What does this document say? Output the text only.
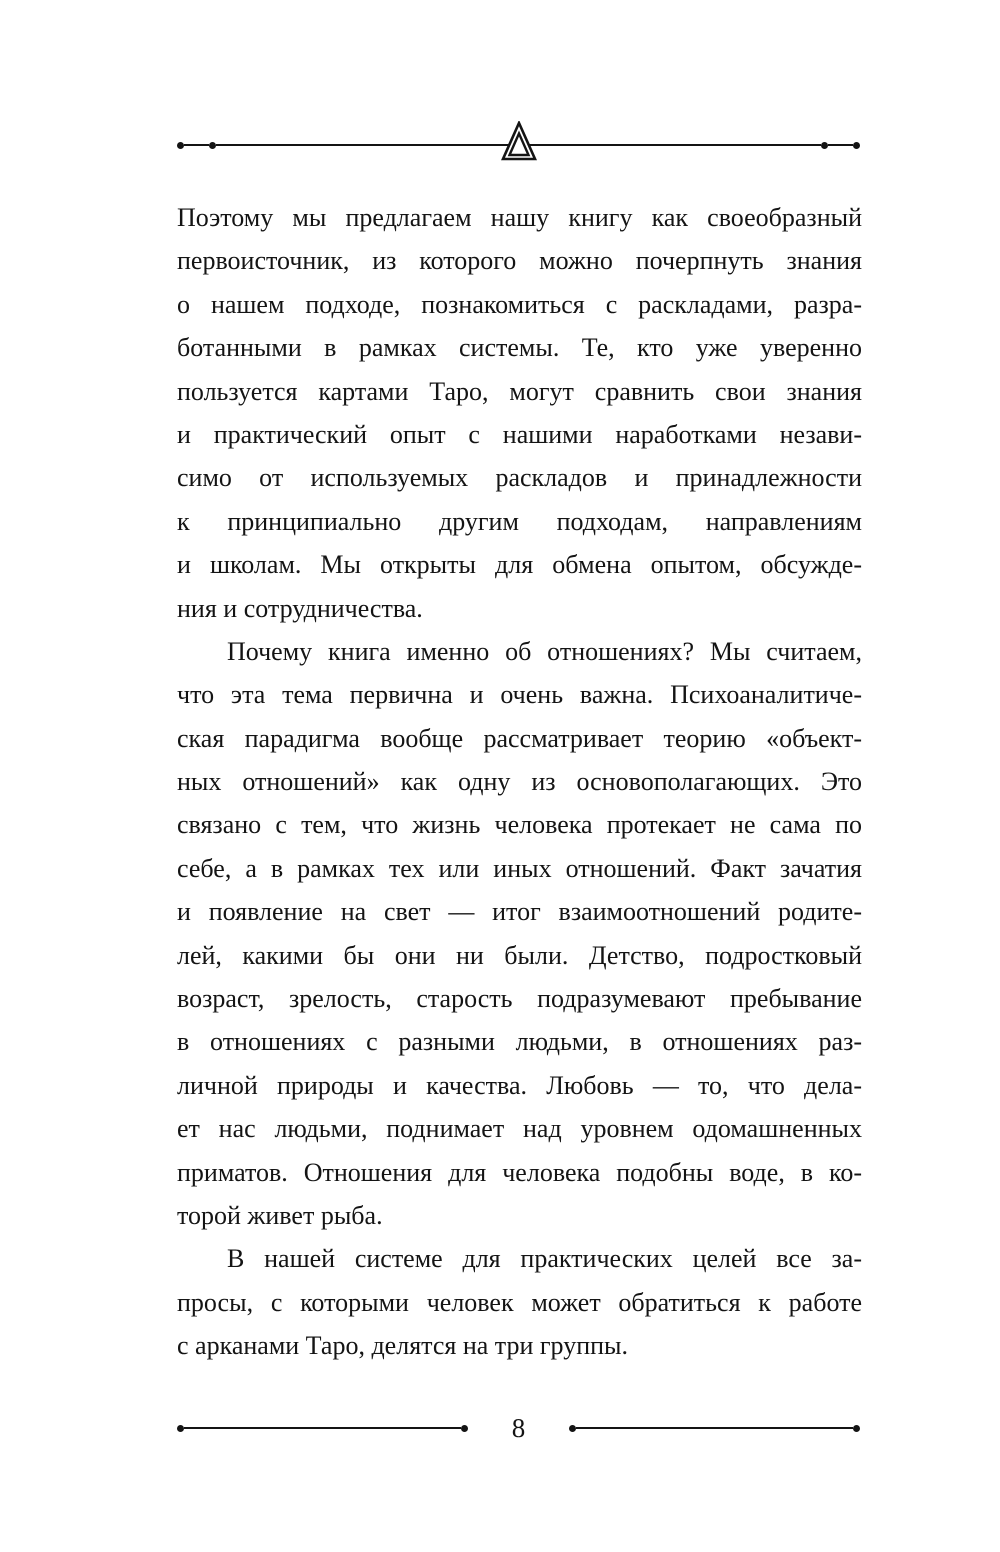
Поэтому мы предлагаем нашу книгу как своеобразный
первоисточник, из которого можно почерпнуть знания
о нашем подходе, познакомиться с раскладами, разра-
ботанными в рамках системы. Те, кто уже уверенно
пользуется картами Таро, могут сравнить свои знания
и практический опыт с нашими наработками незави-
симо от используемых раскладов и принадлежности
к принципиально другим подходам, направлениям
и школам. Мы открыты для обмена опытом, обсужде-
ния и сотрудничества.
Почему книга именно об отношениях? Мы считаем,
что эта тема первична и очень важна. Психоаналитиче-
ская парадигма вообще рассматривает теорию «объект-
ных отношений» как одну из основополагающих. Это
связано с тем, что жизнь человека протекает не сама по
себе, а в рамках тех или иных отношений. Факт зачатия
и появление на свет — итог взаимоотношений родите-
лей, какими бы они ни были. Детство, подростковый
возраст, зрелость, старость подразумевают пребывание
в отношениях с разными людьми, в отношениях раз-
личной природы и качества. Любовь — то, что дела-
ет нас людьми, поднимает над уровнем одомашненных
приматов. Отношения для человека подобны воде, в ко-
торой живет рыба.
В нашей системе для практических целей все за-
просы, с которыми человек может обратиться к работе
с арканами Таро, делятся на три группы.
8
